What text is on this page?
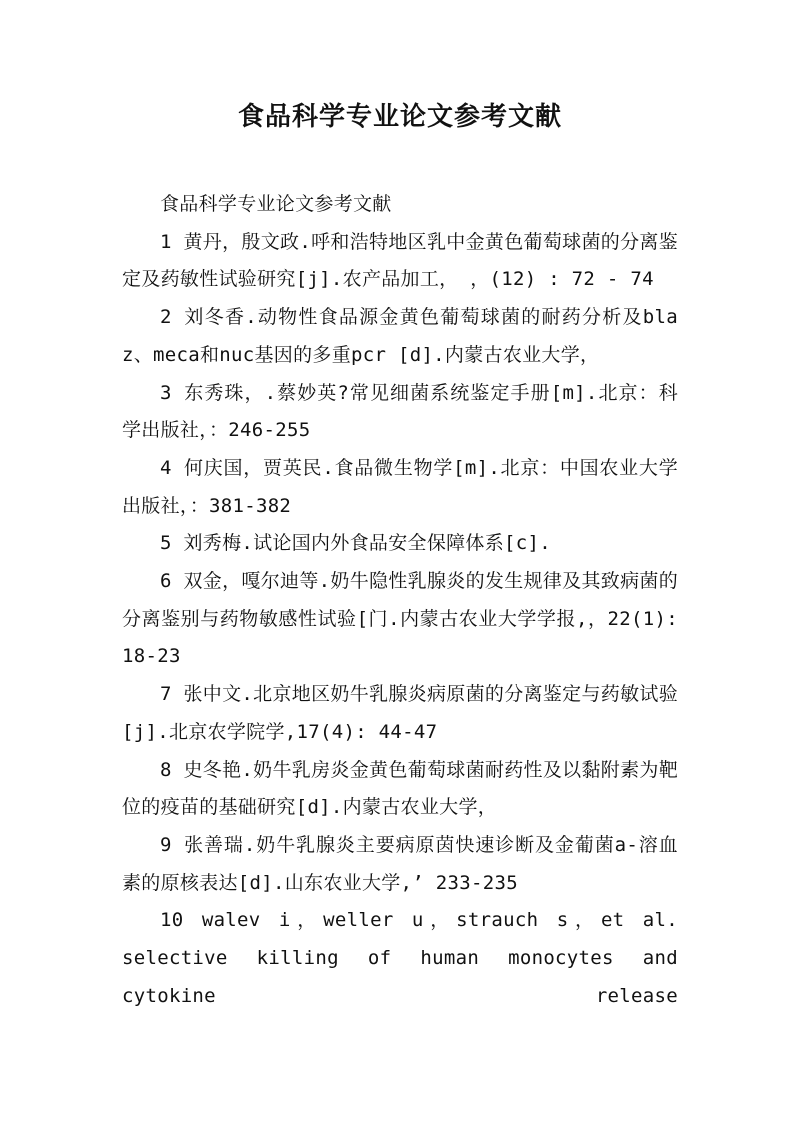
食品科学专业论文参考文献

食品科学专业论文参考文献

1 黄丹，殷文政.呼和浩特地区乳中金黄色葡萄球菌的分离鉴定及药敏性试验研究[j].农产品加工， ，(12) : 72 - 74

2 刘冬香.动物性食品源金黄色葡萄球菌的耐药分析及blaz、meca和nuc基因的多重pcr [d].内蒙古农业大学，

3 东秀珠，.蔡妙英?常见细菌系统鉴定手册[m].北京：科学出版社，：246-255

4 何庆国，贾英民.食品微生物学[m].北京：中国农业大学出版社，：381-382

5 刘秀梅.试论国内外食品安全保障体系[c].

6 双金，嘎尔迪等.奶牛隐性乳腺炎的发生规律及其致病菌的分离鉴别与药物敏感性试验[门.内蒙古农业大学学报,，22(1): 18-23

7 张中文.北京地区奶牛乳腺炎病原菌的分离鉴定与药敏试验[j].北京农学院学,17(4): 44-47

8 史冬艳.奶牛乳房炎金黄色葡萄球菌耐药性及以黏附素为靶位的疫苗的基础研究[d].内蒙古农业大学，

9 张善瑞.奶牛乳腺炎主要病原茵快速诊断及金葡菌a-溶血素的原核表达[d].山东农业大学,’ 233-235

10 walev i，weller u，strauch s，et al. selective killing of human monocytes and cytokine release
